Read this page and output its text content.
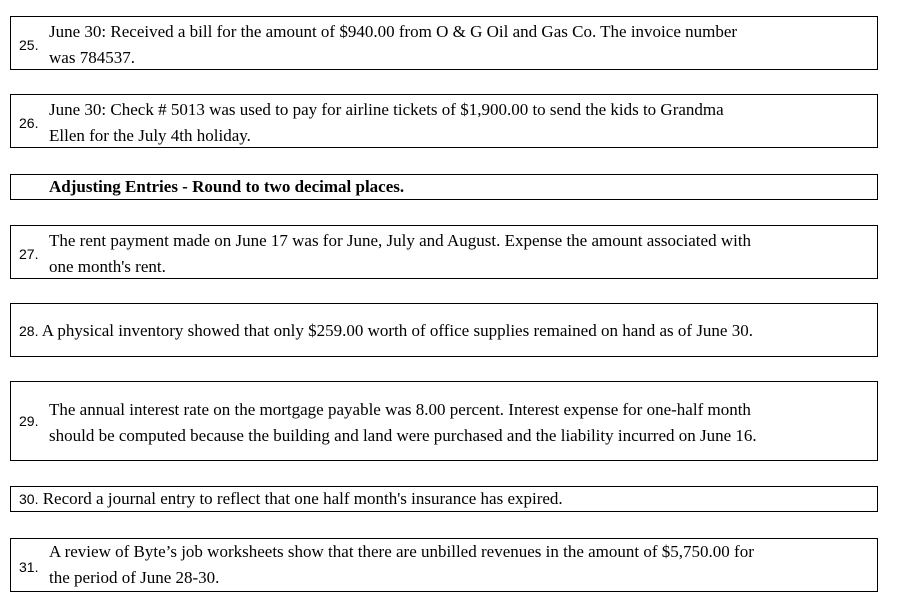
25.
June 30: Received a bill for the amount of $940.00 from O & G Oil and Gas Co. The invoice number
was 784537.
26.
June 30: Check # 5013 was used to pay for airline tickets of $1,900.00 to send the kids to Grandma
Ellen for the July 4th holiday.
Adjusting Entries - Round to two decimal places.
27.
The rent payment made on June 17 was for June, July and August. Expense the amount associated with
one month's rent.
28. A physical inventory showed that only $259.00 worth of office supplies remained on hand as of June 30.
29.
The annual interest rate on the mortgage payable was 8.00 percent. Interest expense for one-half month
should be computed because the building and land were purchased and the liability incurred on June 16.
30. Record a journal entry to reflect that one half month's insurance has expired.
31.
A review of Byte’s job worksheets show that there are unbilled revenues in the amount of $5,750.00 for
the period of June 28-30.
